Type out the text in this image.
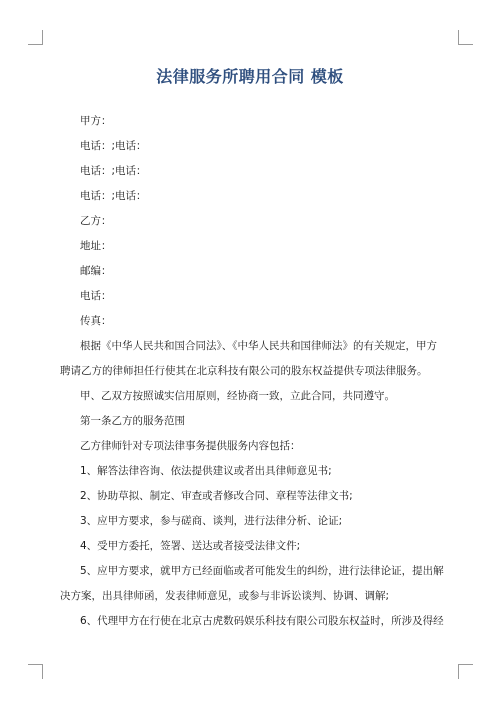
法律服务所聘用合同 模板
甲方：
电话：;电话：
电话：;电话：
电话：;电话：
乙方：
地址：
邮编：
电话：
传真：
根据《中华人民共和国合同法》、《中华人民共和国律师法》的有关规定，甲方
聘请乙方的律师担任行使其在北京科技有限公司的股东权益提供专项法律服务。
甲、乙双方按照诚实信用原则，经协商一致，立此合同，共同遵守。
第一条乙方的服务范围
乙方律师针对专项法律事务提供服务内容包括：
1、解答法律咨询、依法提供建议或者出具律师意见书;
2、协助草拟、制定、审查或者修改合同、章程等法律文书;
3、应甲方要求，参与磋商、谈判，进行法律分析、论证;
4、受甲方委托，签署、送达或者接受法律文件;
5、应甲方要求，就甲方已经面临或者可能发生的纠纷，进行法律论证，提出解
决方案，出具律师函，发表律师意见，或参与非诉讼谈判、协调、调解;
6、代理甲方在行使在北京古虎数码娱乐科技有限公司股东权益时，所涉及得经
